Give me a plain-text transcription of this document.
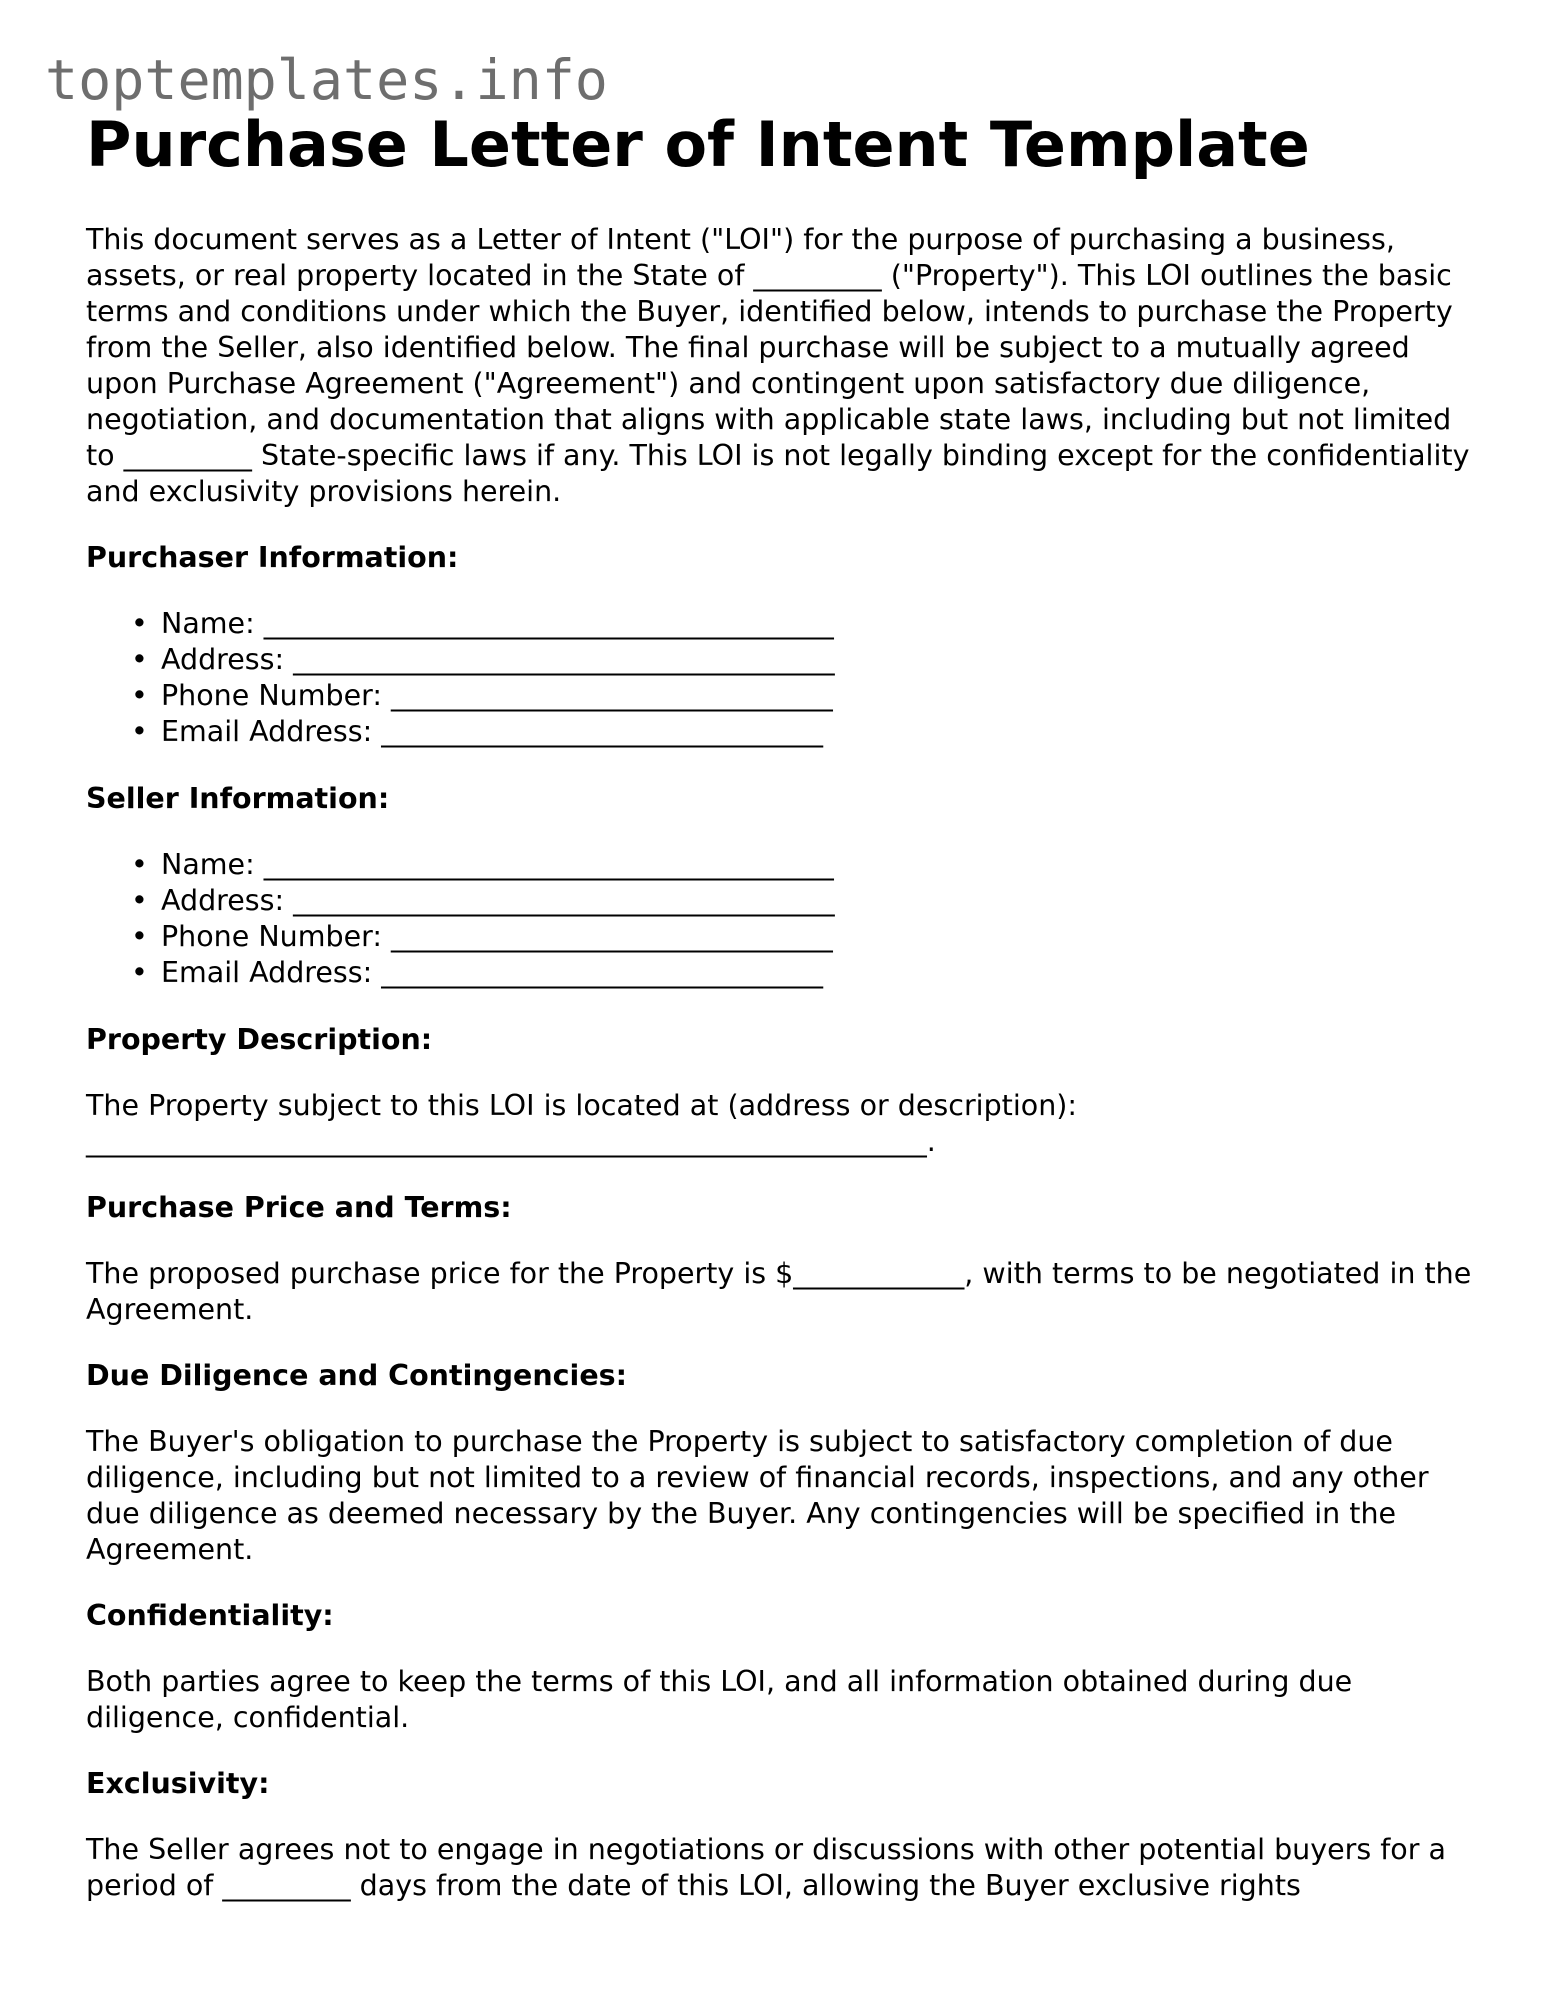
toptemplates.info
Purchase Letter of Intent Template

This document serves as a Letter of Intent ("LOI") for the purpose of purchasing a business, assets, or real property located in the State of _________ ("Property"). This LOI outlines the basic terms and conditions under which the Buyer, identified below, intends to purchase the Property from the Seller, also identified below. The final purchase will be subject to a mutually agreed upon Purchase Agreement ("Agreement") and contingent upon satisfactory due diligence, negotiation, and documentation that aligns with applicable state laws, including but not limited to _________ State-specific laws if any. This LOI is not legally binding except for the confidentiality and exclusivity provisions herein.

Purchaser Information:
• Name: ________________________________________
• Address: ______________________________________
• Phone Number: _______________________________
• Email Address: _______________________________
Seller Information:
• Name: ________________________________________
• Address: ______________________________________
• Phone Number: _______________________________
• Email Address: _______________________________
Property Description:

The Property subject to this LOI is located at (address or description): ___________________________________________________________.

Purchase Price and Terms:

The proposed purchase price for the Property is $____________, with terms to be negotiated in the Agreement.

Due Diligence and Contingencies:

The Buyer's obligation to purchase the Property is subject to satisfactory completion of due diligence, including but not limited to a review of financial records, inspections, and any other due diligence as deemed necessary by the Buyer. Any contingencies will be specified in the Agreement.

Confidentiality:

Both parties agree to keep the terms of this LOI, and all information obtained during due diligence, confidential.

Exclusivity:

The Seller agrees not to engage in negotiations or discussions with other potential buyers for a period of _________ days from the date of this LOI, allowing the Buyer exclusive rights
